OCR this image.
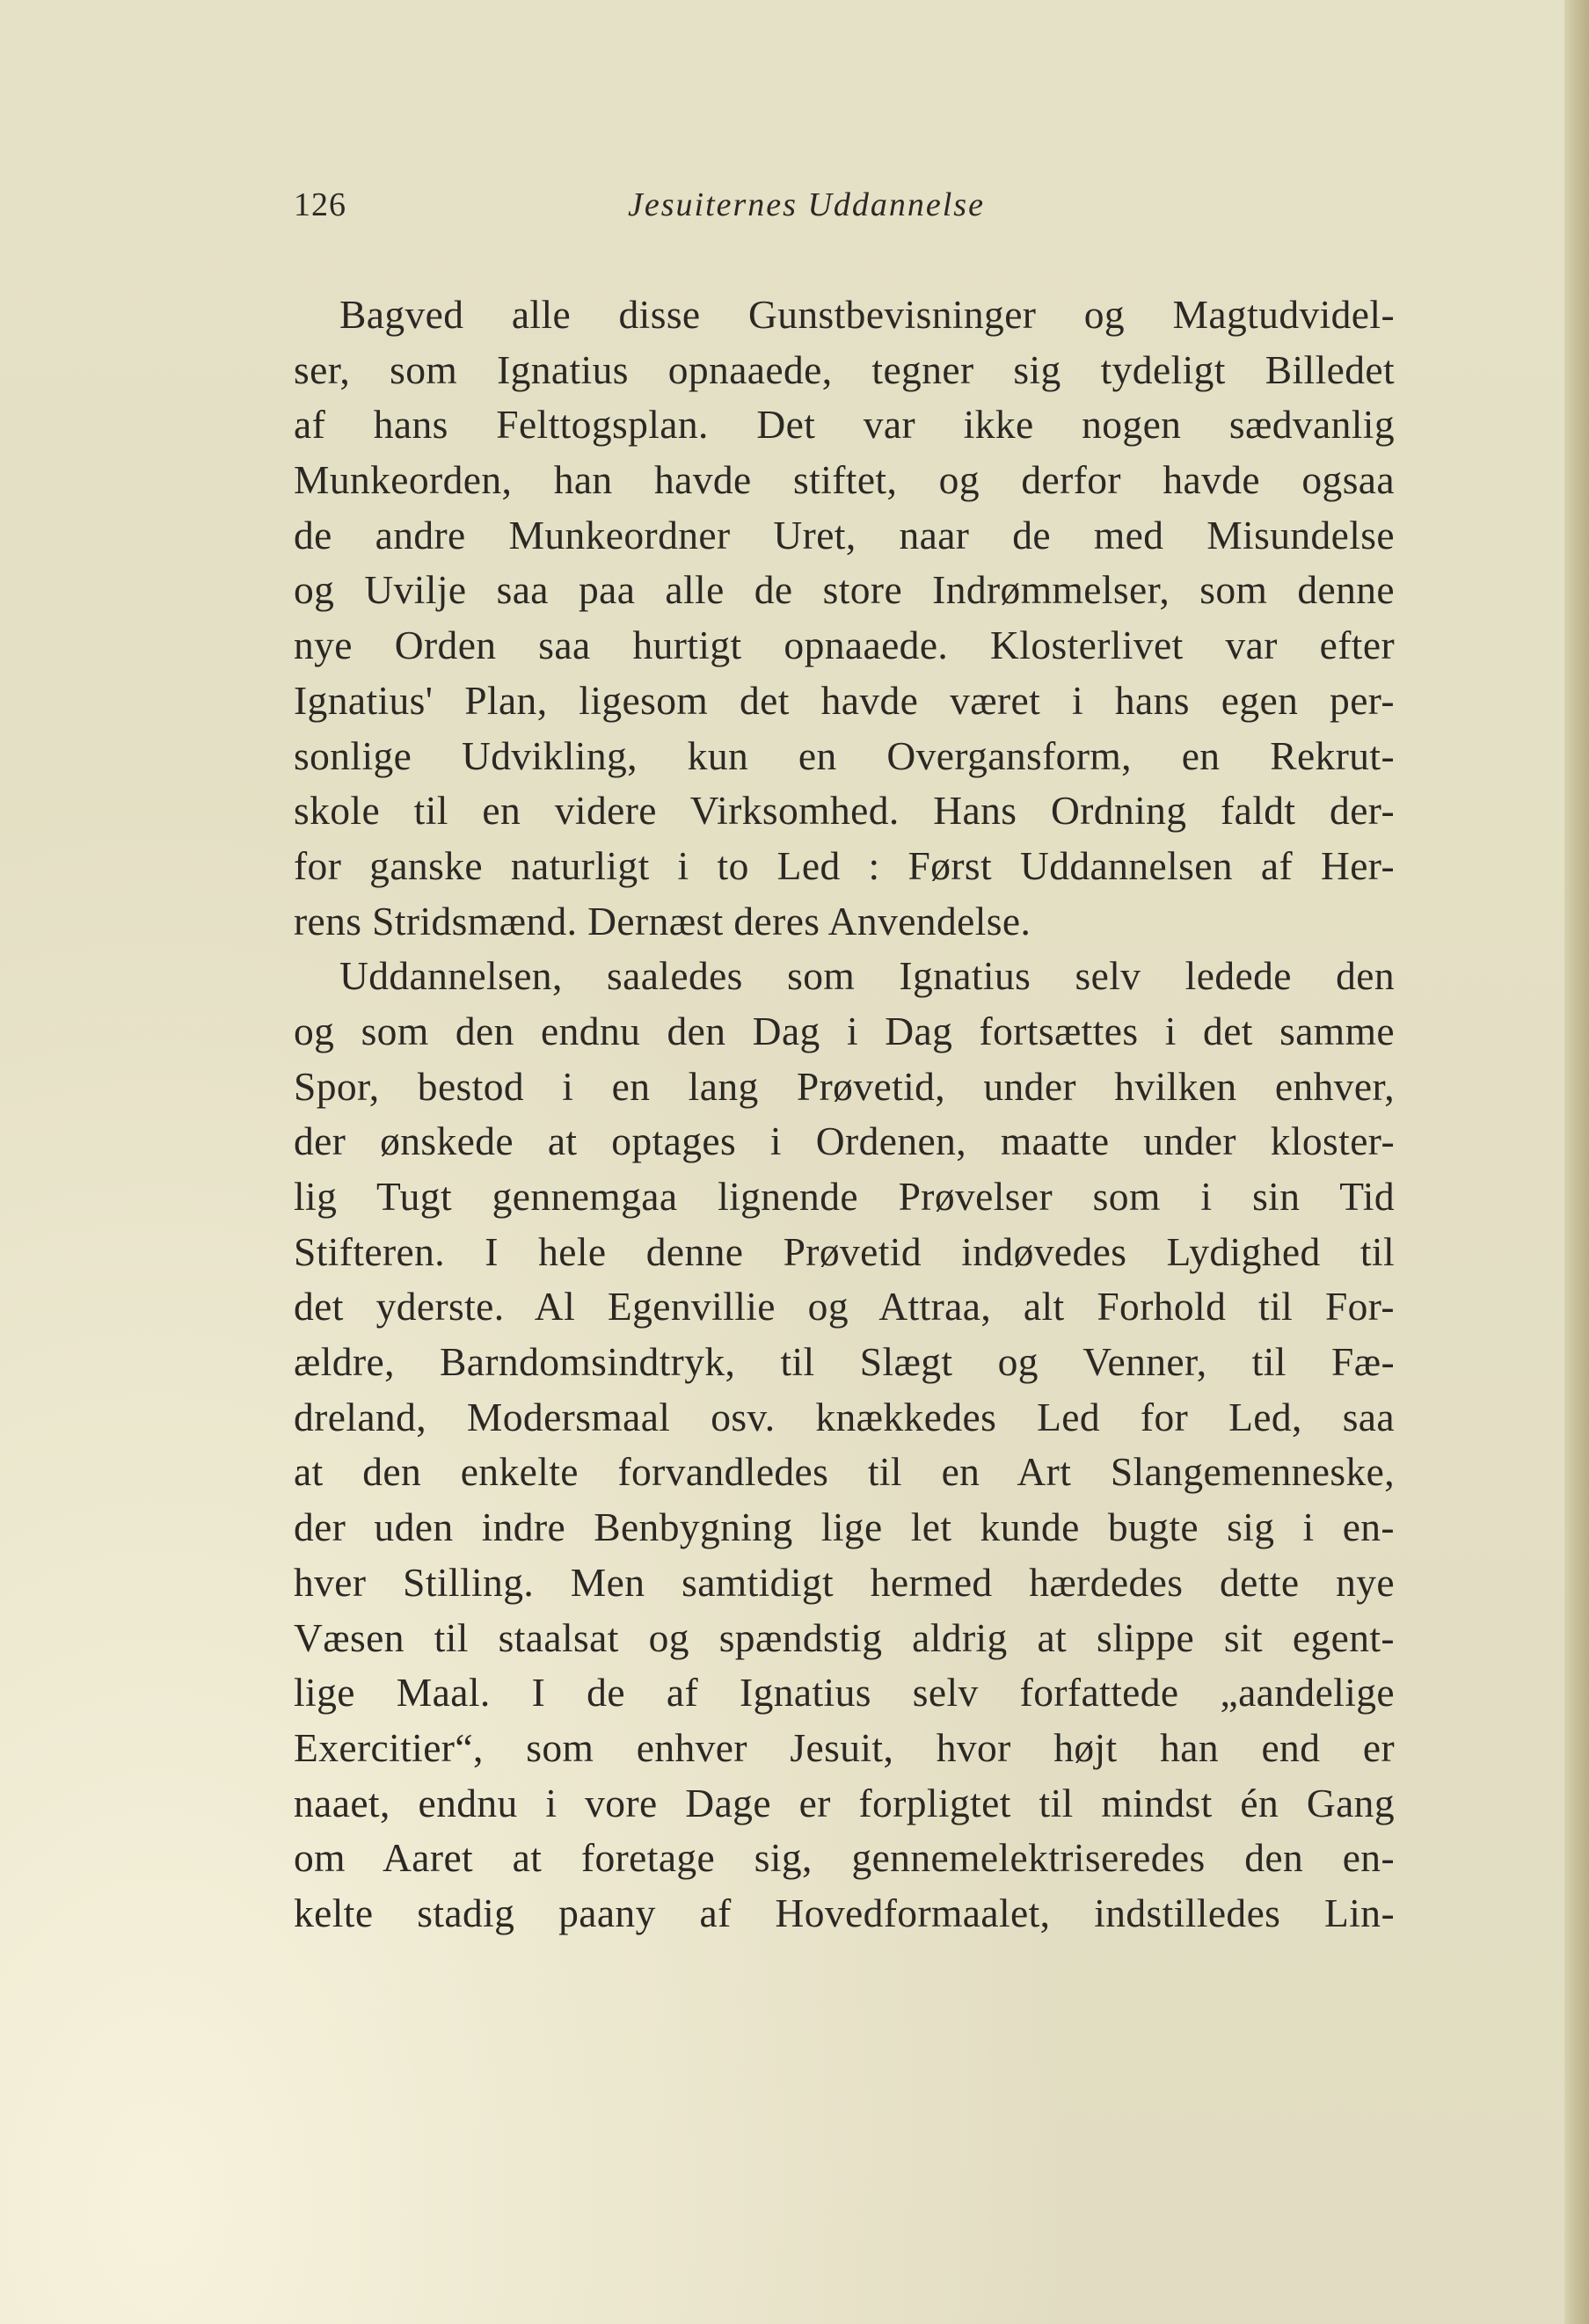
126	Jesuiternes Uddannelse
Bagved alle disse Gunstbevisninger og Magtudvidel-
ser, som Ignatius opnaaede, tegner sig tydeligt Billedet
af hans Felttogsplan. Det var ikke nogen sædvanlig
Munkeorden, han havde stiftet, og derfor havde ogsaa
de andre Munkeordner Uret, naar de med Misundelse
og Uvilje saa paa alle de store Indrømmelser, som denne
nye Orden saa hurtigt opnaaede. Klosterlivet var efter
Ignatius' Plan, ligesom det havde været i hans egen per-
sonlige Udvikling, kun en Overgansform, en Rekrut-
skole til en videre Virksomhed. Hans Ordning faldt der-
for ganske naturligt i to Led : Først Uddannelsen af Her-
rens Stridsmænd. Dernæst deres Anvendelse.
Uddannelsen, saaledes som Ignatius selv ledede den
og som den endnu den Dag i Dag fortsættes i det samme
Spor, bestod i en lang Prøvetid, under hvilken enhver,
der ønskede at optages i Ordenen, maatte under kloster-
lig Tugt gennemgaa lignende Prøvelser som i sin Tid
Stifteren. I hele denne Prøvetid indøvedes Lydighed til
det yderste. Al Egenvillie og Attraa, alt Forhold til For-
ældre, Barndomsindtryk, til Slægt og Venner, til Fæ-
dreland, Modersmaal osv. knækkedes Led for Led, saa
at den enkelte forvandledes til en Art Slangemenneske,
der uden indre Benbygning lige let kunde bugte sig i en-
hver Stilling. Men samtidigt hermed hærdedes dette nye
Væsen til staalsat og spændstig aldrig at slippe sit egent-
lige Maal. I de af Ignatius selv forfattede „aandelige
Exercitier“, som enhver Jesuit, hvor højt han end er
naaet, endnu i vore Dage er forpligtet til mindst én Gang
om Aaret at foretage sig, gennemelektriseredes den en-
kelte stadig paany af Hovedformaalet, indstilledes Lin-
